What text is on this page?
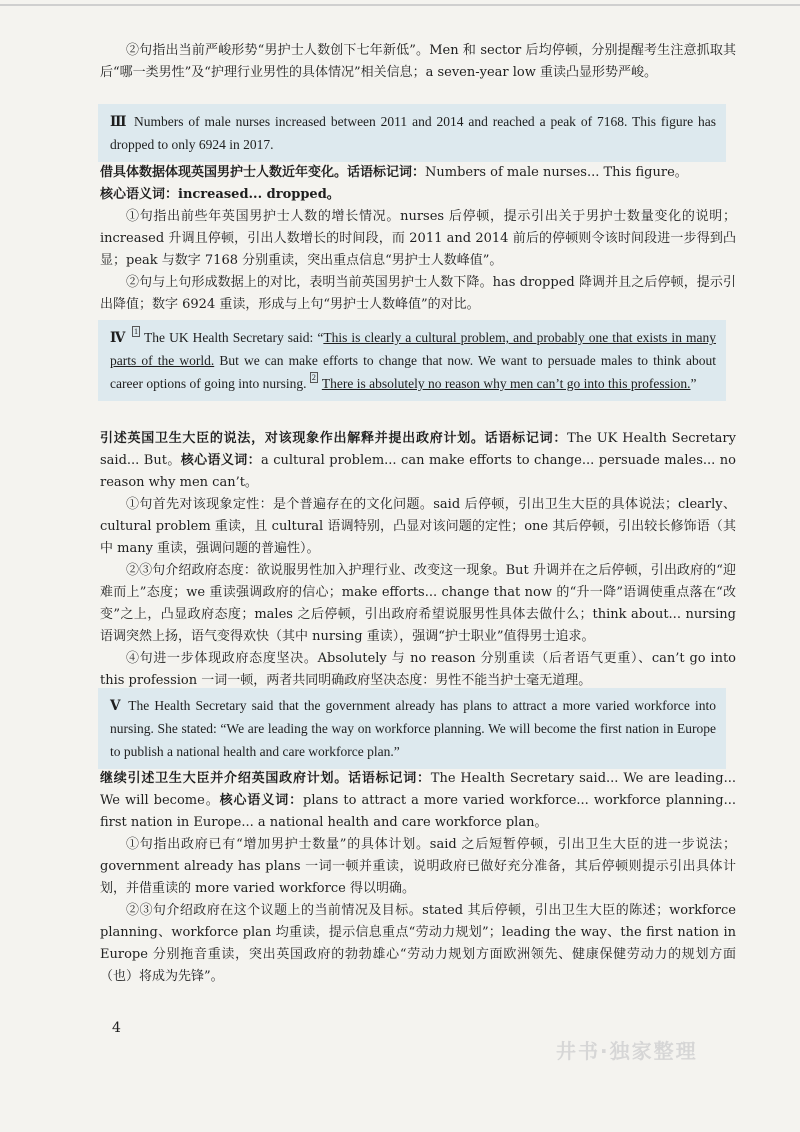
②句指出当前严峻形势“男护士人数创下七年新低”。Men 和 sector 后均停顿，分别提醒考生注意抓取其后“哪一类男性”及“护理行业男性的具体情况”相关信息；a seven-year low 重读凸显形势严峻。

Ⅲ Numbers of male nurses increased between 2011 and 2014 and reached a peak of 7168. This figure has dropped to only 6924 in 2017.

借具体数据体现英国男护士人数近年变化。话语标记词：Numbers of male nurses... This figure。

核心语义词：increased... dropped。

①句指出前些年英国男护士人数的增长情况。nurses 后停顿，提示引出关于男护士数量变化的说明；increased 升调且停顿，引出人数增长的时间段，而 2011 and 2014 前后的停顿则令该时间段进一步得到凸显；peak 与数字 7168 分别重读，突出重点信息“男护士人数峰值”。

②句与上句形成数据上的对比，表明当前英国男护士人数下降。has dropped 降调并且之后停顿，提示引出降值；数字 6924 重读，形成与上句“男护士人数峰值”的对比。

Ⅳ 1 The UK Health Secretary said: “This is clearly a cultural problem, and probably one that exists in many parts of the world. But we can make efforts to change that now. We want to persuade males to think about career options of going into nursing. 2 There is absolutely no reason why men can’t go into this profession.”

引述英国卫生大臣的说法，对该现象作出解释并提出政府计划。话语标记词：The UK Health Secretary said... But。核心语义词：a cultural problem... can make efforts to change... persuade males... no reason why men can’t。

①句首先对该现象定性：是个普遍存在的文化问题。said 后停顿，引出卫生大臣的具体说法；clearly、cultural problem 重读，且 cultural 语调特别，凸显对该问题的定性；one 其后停顿，引出较长修饰语（其中 many 重读，强调问题的普遍性）。

②③句介绍政府态度：欲说服男性加入护理行业、改变这一现象。But 升调并在之后停顿，引出政府的“迎难而上”态度；we 重读强调政府的信心；make efforts... change that now 的“升一降”语调使重点落在“改变”之上，凸显政府态度；males 之后停顿，引出政府希望说服男性具体去做什么；think about... nursing 语调突然上扬，语气变得欢快（其中 nursing 重读），强调“护士职业”值得男士追求。

④句进一步体现政府态度坚决。Absolutely 与 no reason 分别重读（后者语气更重）、can’t go into this profession 一词一顿，两者共同明确政府坚决态度：男性不能当护士毫无道理。

Ⅴ The Health Secretary said that the government already has plans to attract a more varied workforce into nursing. She stated: “We are leading the way on workforce planning. We will become the first nation in Europe to publish a national health and care workforce plan.”

继续引述卫生大臣并介绍英国政府计划。话语标记词：The Health Secretary said... We are leading... We will become。核心语义词：plans to attract a more varied workforce... workforce planning... first nation in Europe... a national health and care workforce plan。

①句指出政府已有“增加男护士数量”的具体计划。said 之后短暂停顿，引出卫生大臣的进一步说法；government already has plans 一词一顿并重读，说明政府已做好充分准备，其后停顿则提示引出具体计划，并借重读的 more varied workforce 得以明确。

②③句介绍政府在这个议题上的当前情况及目标。stated 其后停顿，引出卫生大臣的陈述；workforce planning、workforce plan 均重读，提示信息重点“劳动力规划”；leading the way、the first nation in Europe 分别拖音重读，突出英国政府的勃勃雄心“劳动力规划方面欧洲领先、健康保健劳动力的规划方面（也）将成为先锋”。

4
井书·独家整理
